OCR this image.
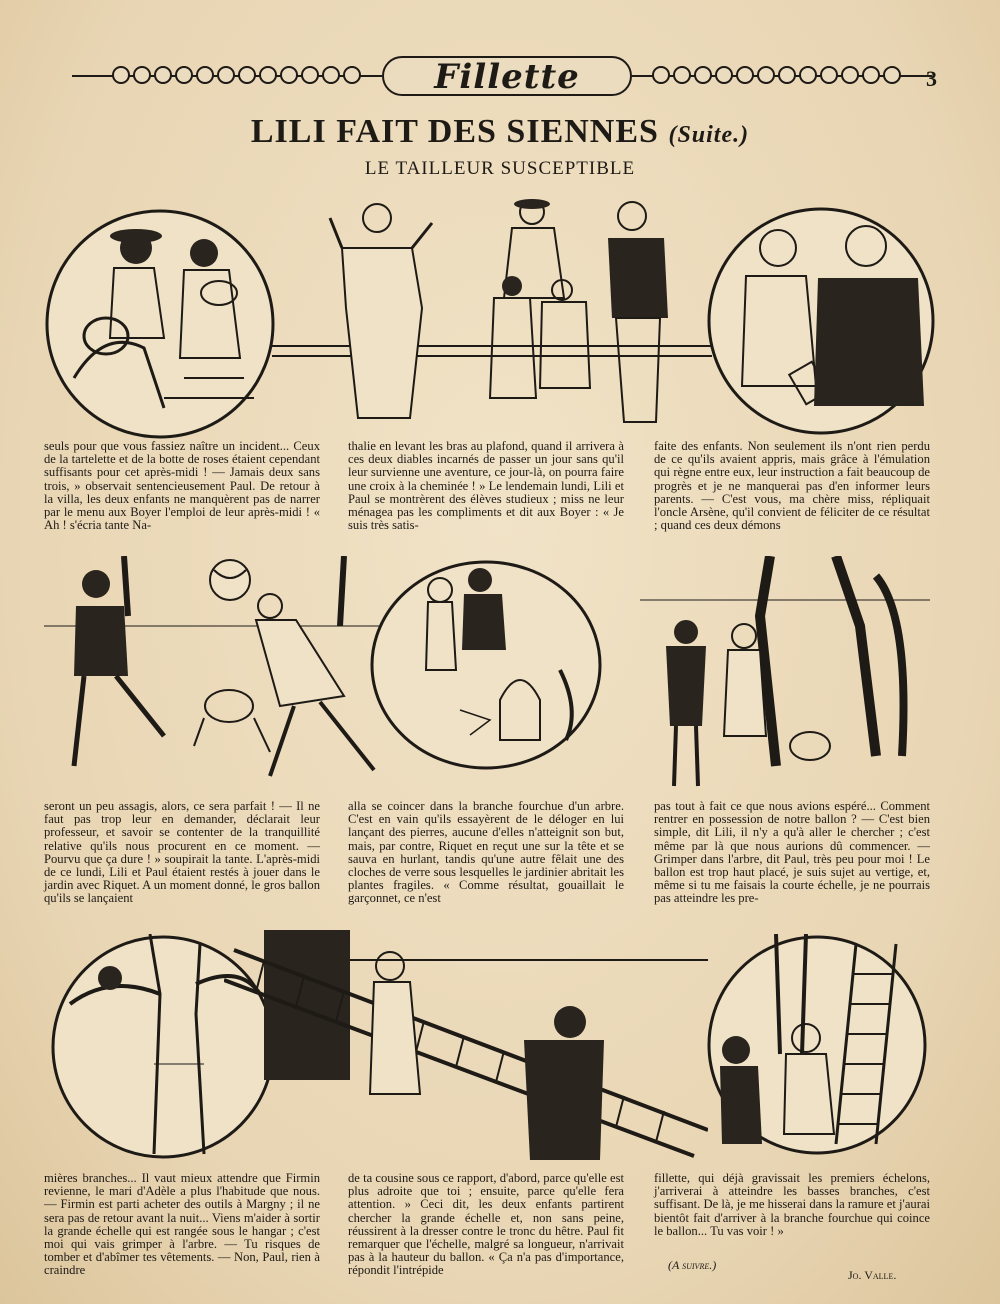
Fillette	3
LILI FAIT DES SIENNES (Suite.)
LE TAILLEUR SUSCEPTIBLE
seuls pour que vous fassiez naître un incident... Ceux de la tartelette et de la botte de roses étaient cependant suffisants pour cet après-midi ! — Jamais deux sans trois, » observait sentencieusement Paul. De retour à la villa, les deux enfants ne manquèrent pas de narrer par le menu aux Boyer l'emploi de leur après-midi ! « Ah ! s'écria tante Na-
thalie en levant les bras au plafond, quand il arrivera à ces deux diables incarnés de passer un jour sans qu'il leur survienne une aventure, ce jour-là, on pourra faire une croix à la cheminée ! » Le lendemain lundi, Lili et Paul se montrèrent des élèves studieux ; miss ne leur ménagea pas les compliments et dit aux Boyer : « Je suis très satis-
faite des enfants. Non seulement ils n'ont rien perdu de ce qu'ils avaient appris, mais grâce à l'émulation qui règne entre eux, leur instruction a fait beaucoup de progrès et je ne manquerai pas d'en informer leurs parents. — C'est vous, ma chère miss, répliquait l'oncle Arsène, qu'il convient de féliciter de ce résultat ; quand ces deux démons
seront un peu assagis, alors, ce sera parfait ! — Il ne faut pas trop leur en demander, déclarait leur professeur, et savoir se contenter de la tranquillité relative qu'ils nous procurent en ce moment. — Pourvu que ça dure ! » soupirait la tante. L'après-midi de ce lundi, Lili et Paul étaient restés à jouer dans le jardin avec Riquet. A un moment donné, le gros ballon qu'ils se lançaient
alla se coincer dans la branche fourchue d'un arbre. C'est en vain qu'ils essayèrent de le déloger en lui lançant des pierres, aucune d'elles n'atteignit son but, mais, par contre, Riquet en reçut une sur la tête et se sauva en hurlant, tandis qu'une autre fêlait une des cloches de verre sous lesquelles le jardinier abritait les plantes fragiles. « Comme résultat, gouaillait le garçonnet, ce n'est
pas tout à fait ce que nous avions espéré... Comment rentrer en possession de notre ballon ? — C'est bien simple, dit Lili, il n'y a qu'à aller le chercher ; c'est même par là que nous aurions dû commencer. — Grimper dans l'arbre, dit Paul, très peu pour moi ! Le ballon est trop haut placé, je suis sujet au vertige, et, même si tu me faisais la courte échelle, je ne pourrais pas atteindre les pre-
mières branches... Il vaut mieux attendre que Firmin revienne, le mari d'Adèle a plus l'habitude que nous. — Firmin est parti acheter des outils à Margny ; il ne sera pas de retour avant la nuit... Viens m'aider à sortir la grande échelle qui est rangée sous le hangar ; c'est moi qui vais grimper à l'arbre. — Tu risques de tomber et d'abîmer tes vêtements. — Non, Paul, rien à craindre
de ta cousine sous ce rapport, d'abord, parce qu'elle est plus adroite que toi ; ensuite, parce qu'elle fera attention. » Ceci dit, les deux enfants partirent chercher la grande échelle et, non sans peine, réussirent à la dresser contre le tronc du hêtre. Paul fit remarquer que l'échelle, malgré sa longueur, n'arrivait pas à la hauteur du ballon. « Ça n'a pas d'importance, répondit l'intrépide
fillette, qui déjà gravissait les premiers échelons, j'arriverai à atteindre les basses branches, c'est suffisant. De là, je me hisserai dans la ramure et j'aurai bientôt fait d'arriver à la branche fourchue qui coince le ballon... Tu vas voir ! »
(A suivre.)
Jo. Valle.
